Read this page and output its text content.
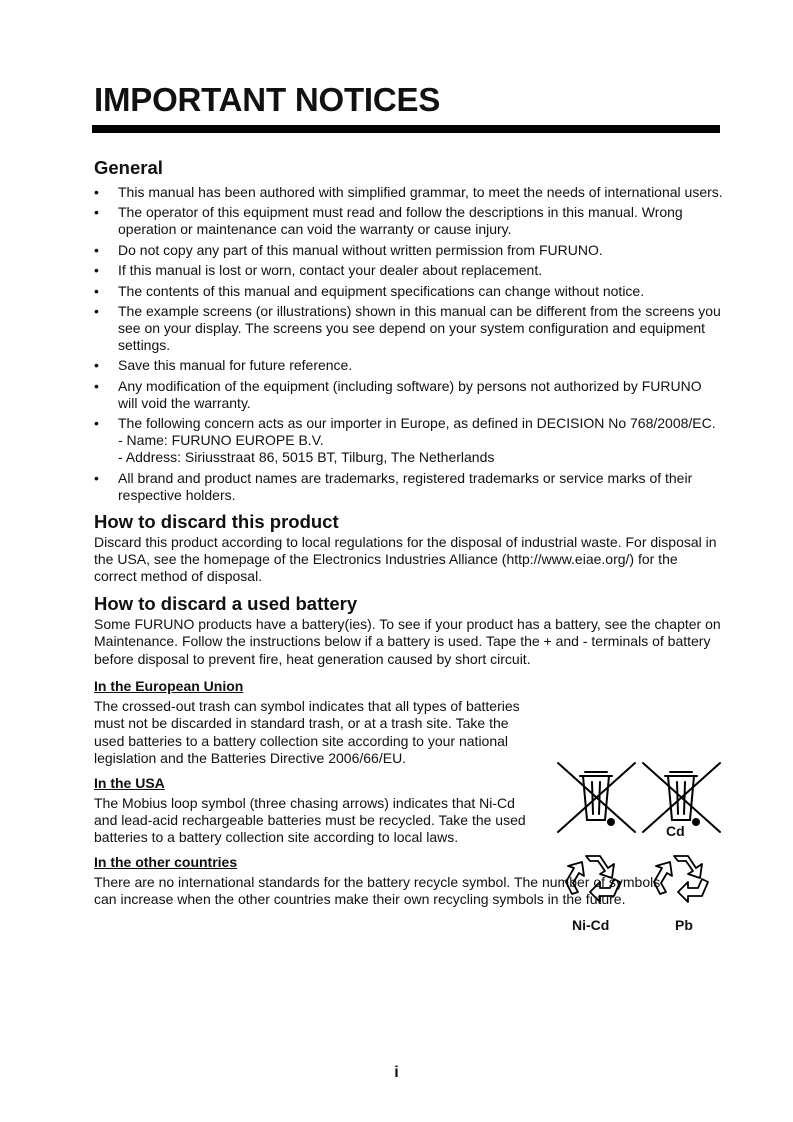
IMPORTANT NOTICES
General
• This manual has been authored with simplified grammar, to meet the needs of international users.
• The operator of this equipment must read and follow the descriptions in this manual. Wrong operation or maintenance can void the warranty or cause injury.
• Do not copy any part of this manual without written permission from FURUNO.
• If this manual is lost or worn, contact your dealer about replacement.
• The contents of this manual and equipment specifications can change without notice.
• The example screens (or illustrations) shown in this manual can be different from the screens you see on your display. The screens you see depend on your system configuration and equipment settings.
• Save this manual for future reference.
• Any modification of the equipment (including software) by persons not authorized by FURUNO will void the warranty.
• The following concern acts as our importer in Europe, as defined in DECISION No 768/2008/EC.
- Name: FURUNO EUROPE B.V.
- Address: Siriusstraat 86, 5015 BT, Tilburg, The Netherlands
• All brand and product names are trademarks, registered trademarks or service marks of their respective holders.
How to discard this product

Discard this product according to local regulations for the disposal of industrial waste. For disposal in the USA, see the homepage of the Electronics Industries Alliance (http://www.eiae.org/) for the correct method of disposal.

How to discard a used battery

Some FURUNO products have a battery(ies). To see if your product has a battery, see the chapter on Maintenance. Follow the instructions below if a battery is used. Tape the + and - terminals of battery before disposal to prevent fire, heat generation caused by short circuit.

In the European Union

The crossed-out trash can symbol indicates that all types of batteries must not be discarded in standard trash, or at a trash site. Take the used batteries to a battery collection site according to your national legislation and the Batteries Directive 2006/66/EU.

In the USA

The Mobius loop symbol (three chasing arrows) indicates that Ni-Cd and lead-acid rechargeable batteries must be recycled. Take the used batteries to a battery collection site according to local laws.

In the other countries

There are no international standards for the battery recycle symbol. The number of symbols can increase when the other countries make their own recycling symbols in the future.

Cd
Ni-Cd	Pb
i
